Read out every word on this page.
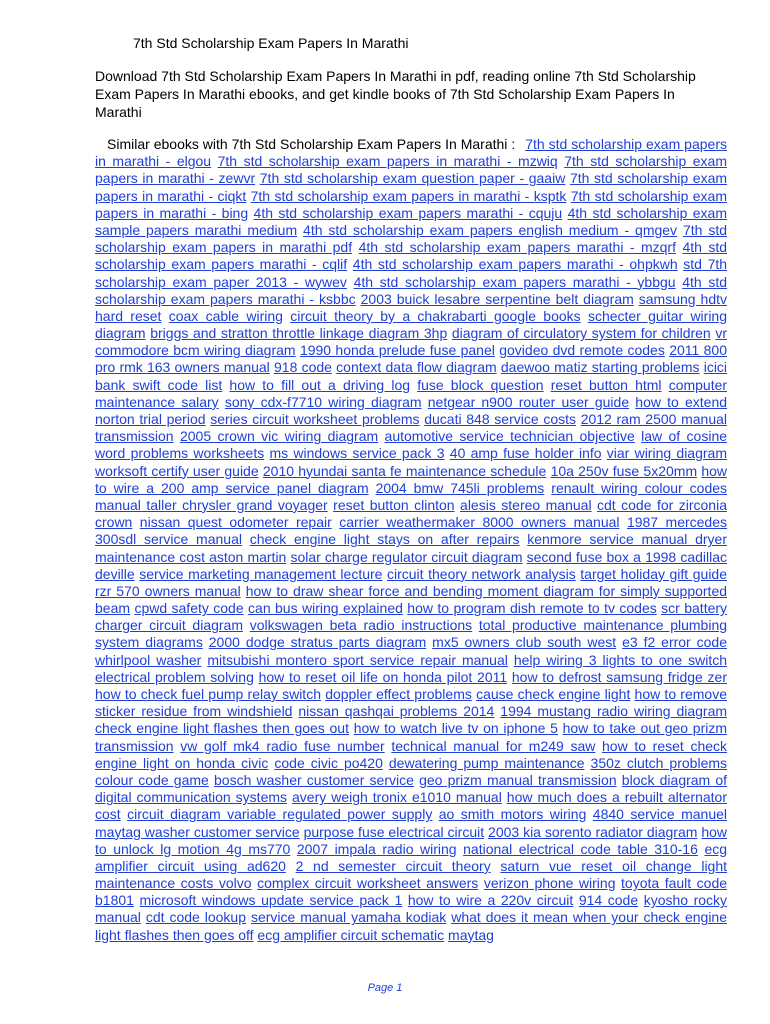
7th Std Scholarship Exam Papers In Marathi
Download 7th Std Scholarship Exam Papers In Marathi in pdf, reading online 7th Std Scholarship Exam Papers In Marathi ebooks, and get kindle books of 7th Std Scholarship Exam Papers In Marathi
Similar ebooks with 7th Std Scholarship Exam Papers In Marathi : 7th std scholarship exam papers in marathi - elgou 7th std scholarship exam papers in marathi - mzwiq 7th std scholarship exam papers in marathi - zewvr 7th std scholarship exam question paper - gaaiw 7th std scholarship exam papers in marathi - ciqkt 7th std scholarship exam papers in marathi - ksptk 7th std scholarship exam papers in marathi - bing 4th std scholarship exam papers marathi - cquju 4th std scholarship exam sample papers marathi medium 4th std scholarship exam papers english medium - qmgev 7th std scholarship exam papers in marathi pdf 4th std scholarship exam papers marathi - mzqrf 4th std scholarship exam papers marathi - cqlif 4th std scholarship exam papers marathi - ohpkwh std 7th scholarship exam paper 2013 - wywev 4th std scholarship exam papers marathi - ybbgu 4th std scholarship exam papers marathi - ksbbc 2003 buick lesabre serpentine belt diagram samsung hdtv hard reset coax cable wiring circuit theory by a chakrabarti google books schecter guitar wiring diagram briggs and stratton throttle linkage diagram 3hp diagram of circulatory system for children vr commodore bcm wiring diagram 1990 honda prelude fuse panel govideo dvd remote codes 2011 800 pro rmk 163 owners manual 918 code context data flow diagram daewoo matiz starting problems icici bank swift code list how to fill out a driving log fuse block question reset button html computer maintenance salary sony cdx-f7710 wiring diagram netgear n900 router user guide how to extend norton trial period series circuit worksheet problems ducati 848 service costs 2012 ram 2500 manual transmission 2005 crown vic wiring diagram automotive service technician objective law of cosine word problems worksheets ms windows service pack 3 40 amp fuse holder info viar wiring diagram worksoft certify user guide 2010 hyundai santa fe maintenance schedule 10a 250v fuse 5x20mm how to wire a 200 amp service panel diagram 2004 bmw 745li problems renault wiring colour codes manual taller chrysler grand voyager reset button clinton alesis stereo manual cdt code for zirconia crown nissan quest odometer repair carrier weathermaker 8000 owners manual 1987 mercedes 300sdl service manual check engine light stays on after repairs kenmore service manual dryer maintenance cost aston martin solar charge regulator circuit diagram second fuse box a 1998 cadillac deville service marketing management lecture circuit theory network analysis target holiday gift guide rzr 570 owners manual how to draw shear force and bending moment diagram for simply supported beam cpwd safety code can bus wiring explained how to program dish remote to tv codes scr battery charger circuit diagram volkswagen beta radio instructions total productive maintenance plumbing system diagrams 2000 dodge stratus parts diagram mx5 owners club south west e3 f2 error code whirlpool washer mitsubishi montero sport service repair manual help wiring 3 lights to one switch electrical problem solving how to reset oil life on honda pilot 2011 how to defrost samsung fridge zer how to check fuel pump relay switch doppler effect problems cause check engine light how to remove sticker residue from windshield nissan qashqai problems 2014 1994 mustang radio wiring diagram check engine light flashes then goes out how to watch live tv on iphone 5 how to take out geo prizm transmission vw golf mk4 radio fuse number technical manual for m249 saw how to reset check engine light on honda civic code civic po420 dewatering pump maintenance 350z clutch problems colour code game bosch washer customer service geo prizm manual transmission block diagram of digital communication systems avery weigh tronix e1010 manual how much does a rebuilt alternator cost circuit diagram variable regulated power supply ao smith motors wiring 4840 service manuel maytag washer customer service purpose fuse electrical circuit 2003 kia sorento radiator diagram how to unlock lg motion 4g ms770 2007 impala radio wiring national electrical code table 310-16 ecg amplifier circuit using ad620 2 nd semester circuit theory saturn vue reset oil change light maintenance costs volvo complex circuit worksheet answers verizon phone wiring toyota fault code b1801 microsoft windows update service pack 1 how to wire a 220v circuit 914 code kyosho rocky manual cdt code lookup service manual yamaha kodiak what does it mean when your check engine light flashes then goes off ecg amplifier circuit schematic maytag
Page 1
